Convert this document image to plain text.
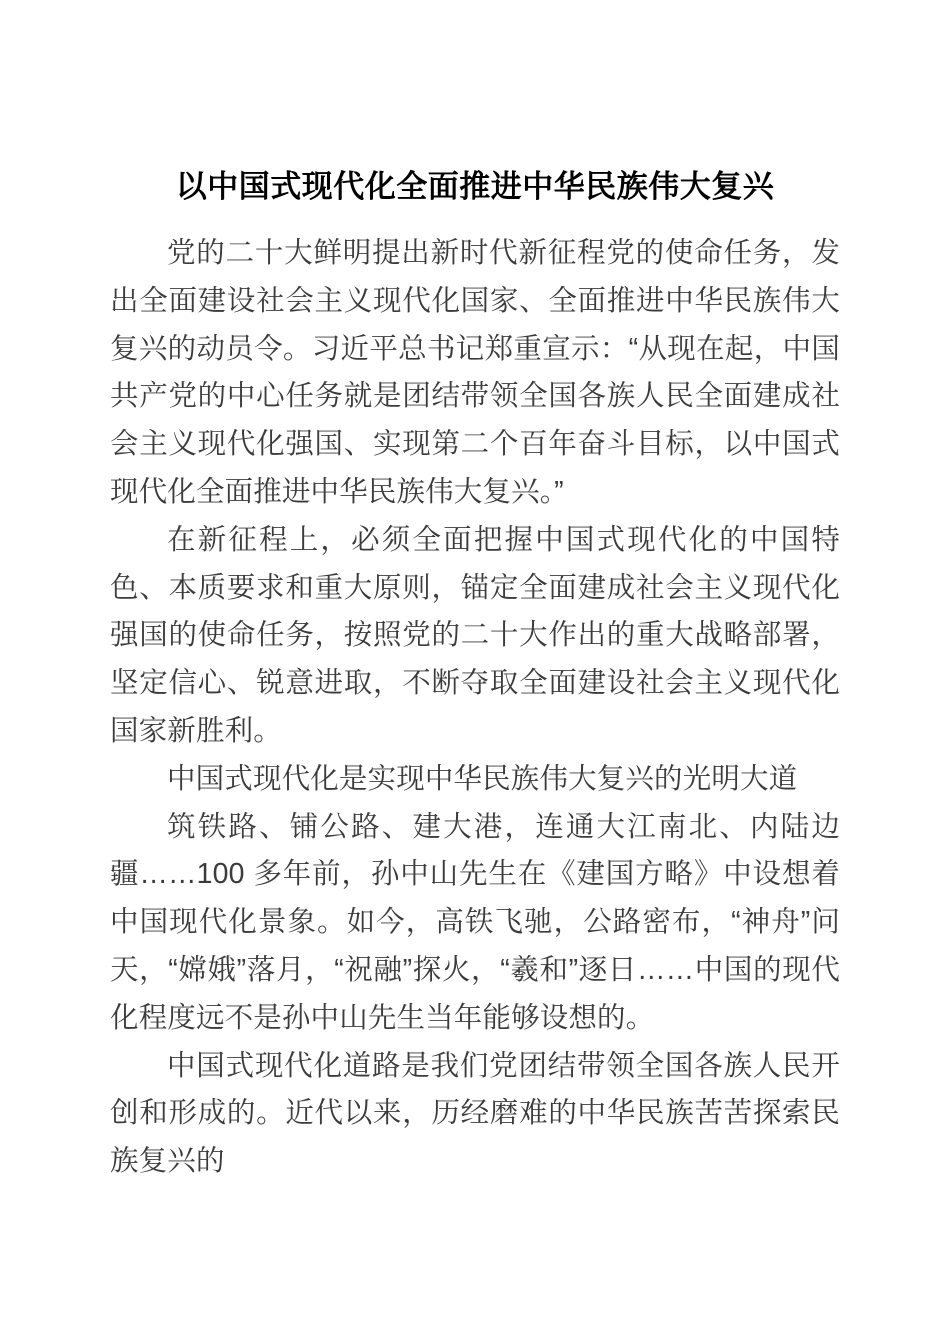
以中国式现代化全面推进中华民族伟大复兴

党的二十大鲜明提出新时代新征程党的使命任务，发出全面建设社会主义现代化国家、全面推进中华民族伟大复兴的动员令。习近平总书记郑重宣示：“从现在起，中国共产党的中心任务就是团结带领全国各族人民全面建成社会主义现代化强国、实现第二个百年奋斗目标，以中国式现代化全面推进中华民族伟大复兴。”

在新征程上，必须全面把握中国式现代化的中国特色、本质要求和重大原则，锚定全面建成社会主义现代化强国的使命任务，按照党的二十大作出的重大战略部署，坚定信心、锐意进取，不断夺取全面建设社会主义现代化国家新胜利。

中国式现代化是实现中华民族伟大复兴的光明大道

筑铁路、铺公路、建大港，连通大江南北、内陆边疆……100 多年前，孙中山先生在《建国方略》中设想着中国现代化景象。如今，高铁飞驰，公路密布，“神舟”问天，“嫦娥”落月，“祝融”探火，“羲和”逐日……中国的现代化程度远不是孙中山先生当年能够设想的。

中国式现代化道路是我们党团结带领全国各族人民开创和形成的。近代以来，历经磨难的中华民族苦苦探索民族复兴的
